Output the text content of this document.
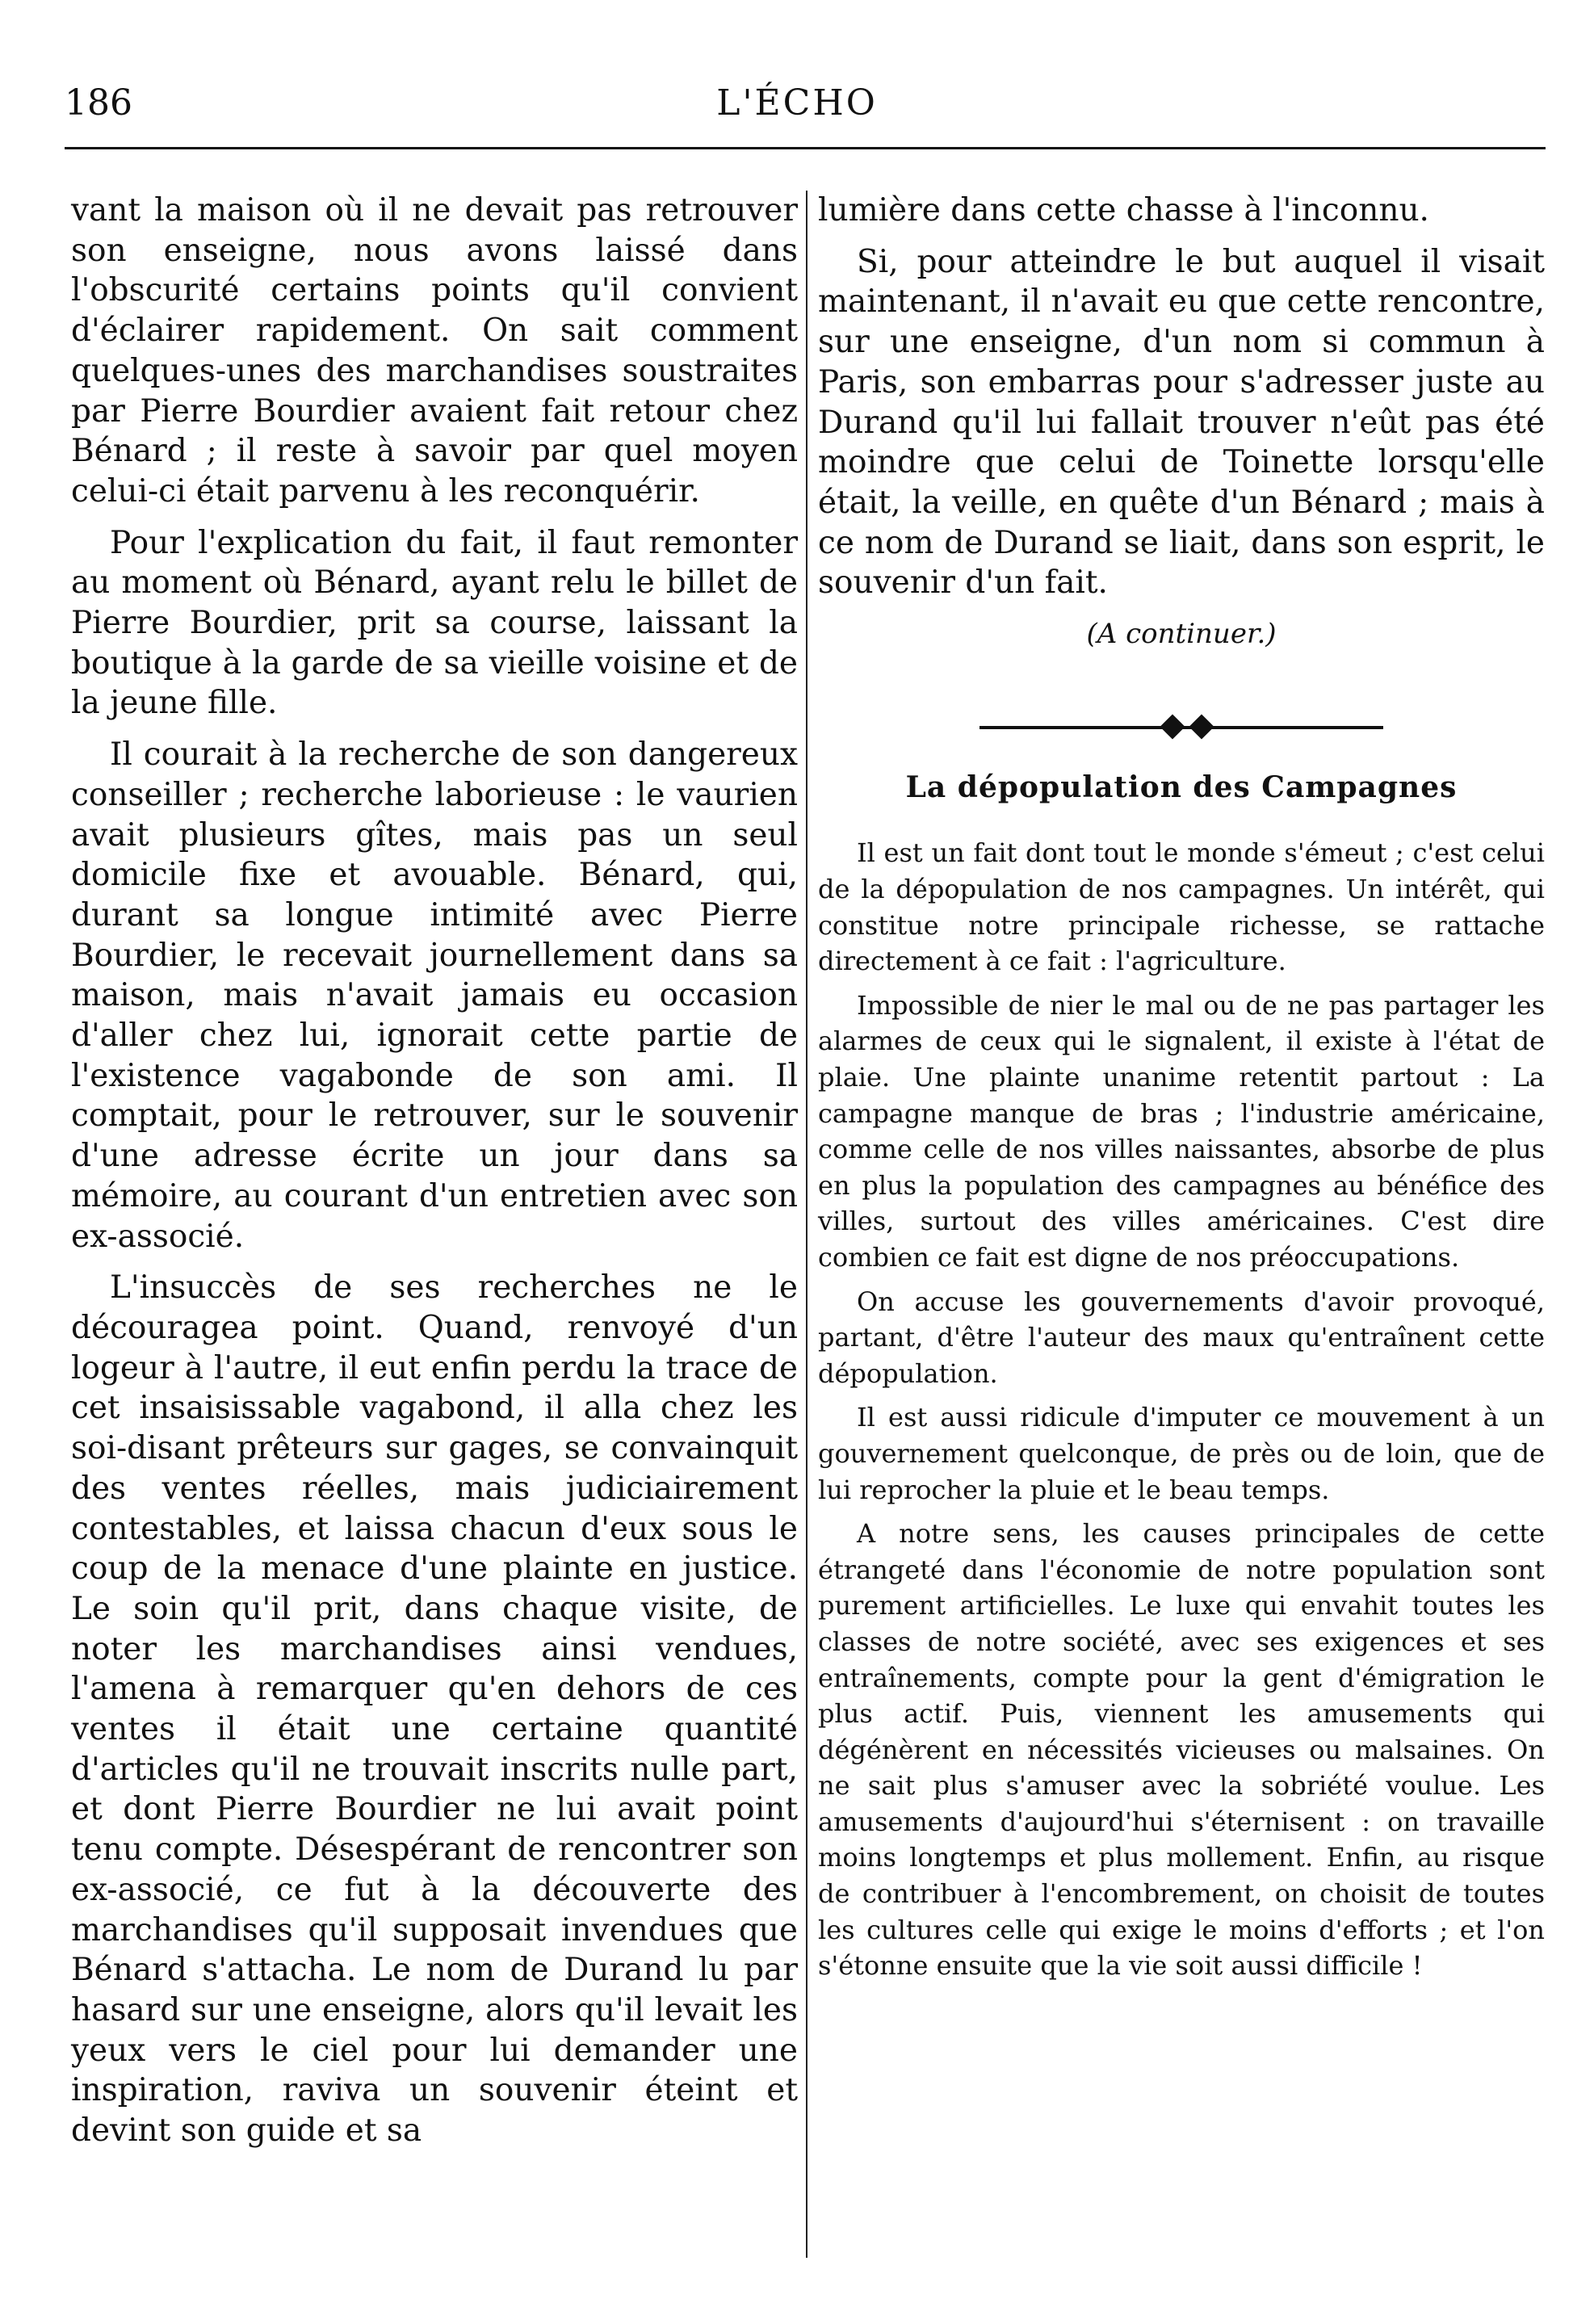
186	L'ÉCHO

vant la maison où il ne devait pas retrouver son enseigne, nous avons laissé dans l'obscurité certains points qu'il convient d'éclairer rapidement. On sait comment quelques-unes des marchandises soustraites par Pierre Bourdier avaient fait retour chez Bénard ; il reste à savoir par quel moyen celui-ci était parvenu à les reconquérir.

Pour l'explication du fait, il faut remonter au moment où Bénard, ayant relu le billet de Pierre Bourdier, prit sa course, laissant la boutique à la garde de sa vieille voisine et de la jeune fille.

Il courait à la recherche de son dangereux conseiller ; recherche laborieuse : le vaurien avait plusieurs gîtes, mais pas un seul domicile fixe et avouable. Bénard, qui, durant sa longue intimité avec Pierre Bourdier, le recevait journellement dans sa maison, mais n'avait jamais eu occasion d'aller chez lui, ignorait cette partie de l'existence vagabonde de son ami. Il comptait, pour le retrouver, sur le souvenir d'une adresse écrite un jour dans sa mémoire, au courant d'un entretien avec son ex-associé.

L'insuccès de ses recherches ne le découragea point. Quand, renvoyé d'un logeur à l'autre, il eut enfin perdu la trace de cet insaisissable vagabond, il alla chez les soi-disant prêteurs sur gages, se convainquit des ventes réelles, mais judiciairement contestables, et laissa chacun d'eux sous le coup de la menace d'une plainte en justice. Le soin qu'il prit, dans chaque visite, de noter les marchandises ainsi vendues, l'amena à remarquer qu'en dehors de ces ventes il était une certaine quantité d'articles qu'il ne trouvait inscrits nulle part, et dont Pierre Bourdier ne lui avait point tenu compte. Désespérant de rencontrer son ex-associé, ce fut à la découverte des marchandises qu'il supposait invendues que Bénard s'attacha. Le nom de Durand lu par hasard sur une enseigne, alors qu'il levait les yeux vers le ciel pour lui demander une inspiration, raviva un souvenir éteint et devint son guide et sa

lumière dans cette chasse à l'inconnu.

Si, pour atteindre le but auquel il visait maintenant, il n'avait eu que cette rencontre, sur une enseigne, d'un nom si commun à Paris, son embarras pour s'adresser juste au Durand qu'il lui fallait trouver n'eût pas été moindre que celui de Toinette lorsqu'elle était, la veille, en quête d'un Bénard ; mais à ce nom de Durand se liait, dans son esprit, le souvenir d'un fait.

(A continuer.)
La dépopulation des Campagnes

Il est un fait dont tout le monde s'émeut ; c'est celui de la dépopulation de nos campagnes. Un intérêt, qui constitue notre principale richesse, se rattache directement à ce fait : l'agriculture.

Impossible de nier le mal ou de ne pas partager les alarmes de ceux qui le signalent, il existe à l'état de plaie. Une plainte unanime retentit partout : La campagne manque de bras ; l'industrie américaine, comme celle de nos villes naissantes, absorbe de plus en plus la population des campagnes au bénéfice des villes, surtout des villes américaines. C'est dire combien ce fait est digne de nos préoccupations.

On accuse les gouvernements d'avoir provoqué, partant, d'être l'auteur des maux qu'entraînent cette dépopulation.

Il est aussi ridicule d'imputer ce mouvement à un gouvernement quelconque, de près ou de loin, que de lui reprocher la pluie et le beau temps.

A notre sens, les causes principales de cette étrangeté dans l'économie de notre population sont purement artificielles. Le luxe qui envahit toutes les classes de notre société, avec ses exigences et ses entraînements, compte pour la gent d'émigration le plus actif. Puis, viennent les amusements qui dégénèrent en nécessités vicieuses ou malsaines. On ne sait plus s'amuser avec la sobriété voulue. Les amusements d'aujourd'hui s'éternisent : on travaille moins longtemps et plus mollement. Enfin, au risque de contribuer à l'encombrement, on choisit de toutes les cultures celle qui exige le moins d'efforts ; et l'on s'étonne ensuite que la vie soit aussi difficile !
